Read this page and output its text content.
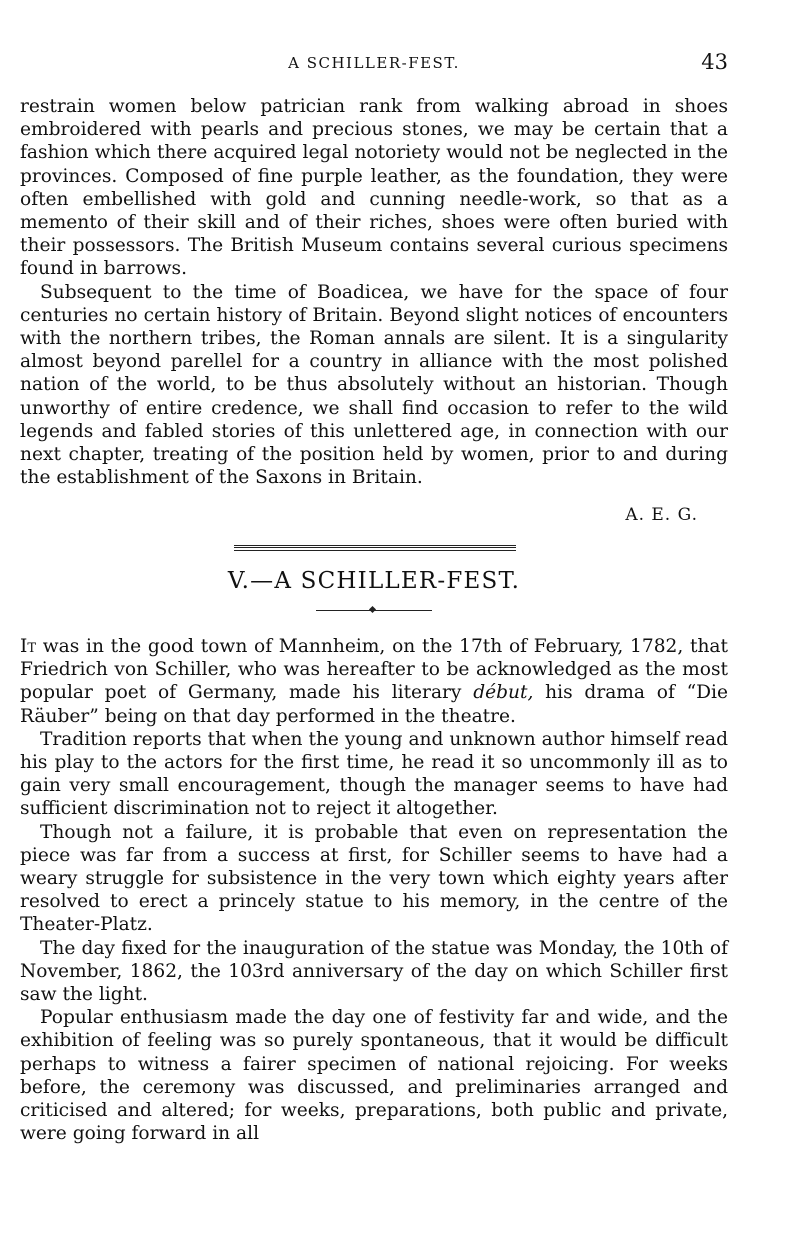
A SCHILLER-FEST.	43

restrain women below patrician rank from walking abroad in shoes embroidered with pearls and precious stones, we may be certain that a fashion which there acquired legal notoriety would not be neglected in the provinces. Composed of fine purple leather, as the foundation, they were often embellished with gold and cunning needle-work, so that as a memento of their skill and of their riches, shoes were often buried with their possessors. The British Museum contains several curious specimens found in barrows.

Subsequent to the time of Boadicea, we have for the space of four centuries no certain history of Britain. Beyond slight notices of encounters with the northern tribes, the Roman annals are silent. It is a singularity almost beyond parellel for a country in alliance with the most polished nation of the world, to be thus absolutely without an historian. Though unworthy of entire credence, we shall find occasion to refer to the wild legends and fabled stories of this unlettered age, in connection with our next chapter, treating of the position held by women, prior to and during the establishment of the Saxons in Britain.

A. E. G.
V.—A SCHILLER-FEST.

It was in the good town of Mannheim, on the 17th of February, 1782, that Friedrich von Schiller, who was hereafter to be acknowledged as the most popular poet of Germany, made his literary début, his drama of “Die Räuber” being on that day performed in the theatre.

Tradition reports that when the young and unknown author himself read his play to the actors for the first time, he read it so uncommonly ill as to gain very small encouragement, though the manager seems to have had sufficient discrimination not to reject it altogether.

Though not a failure, it is probable that even on representation the piece was far from a success at first, for Schiller seems to have had a weary struggle for subsistence in the very town which eighty years after resolved to erect a princely statue to his memory, in the centre of the Theater-Platz.

The day fixed for the inauguration of the statue was Monday, the 10th of November, 1862, the 103rd anniversary of the day on which Schiller first saw the light.

Popular enthusiasm made the day one of festivity far and wide, and the exhibition of feeling was so purely spontaneous, that it would be difficult perhaps to witness a fairer specimen of national rejoicing. For weeks before, the ceremony was discussed, and preliminaries arranged and criticised and altered; for weeks, preparations, both public and private, were going forward in all
